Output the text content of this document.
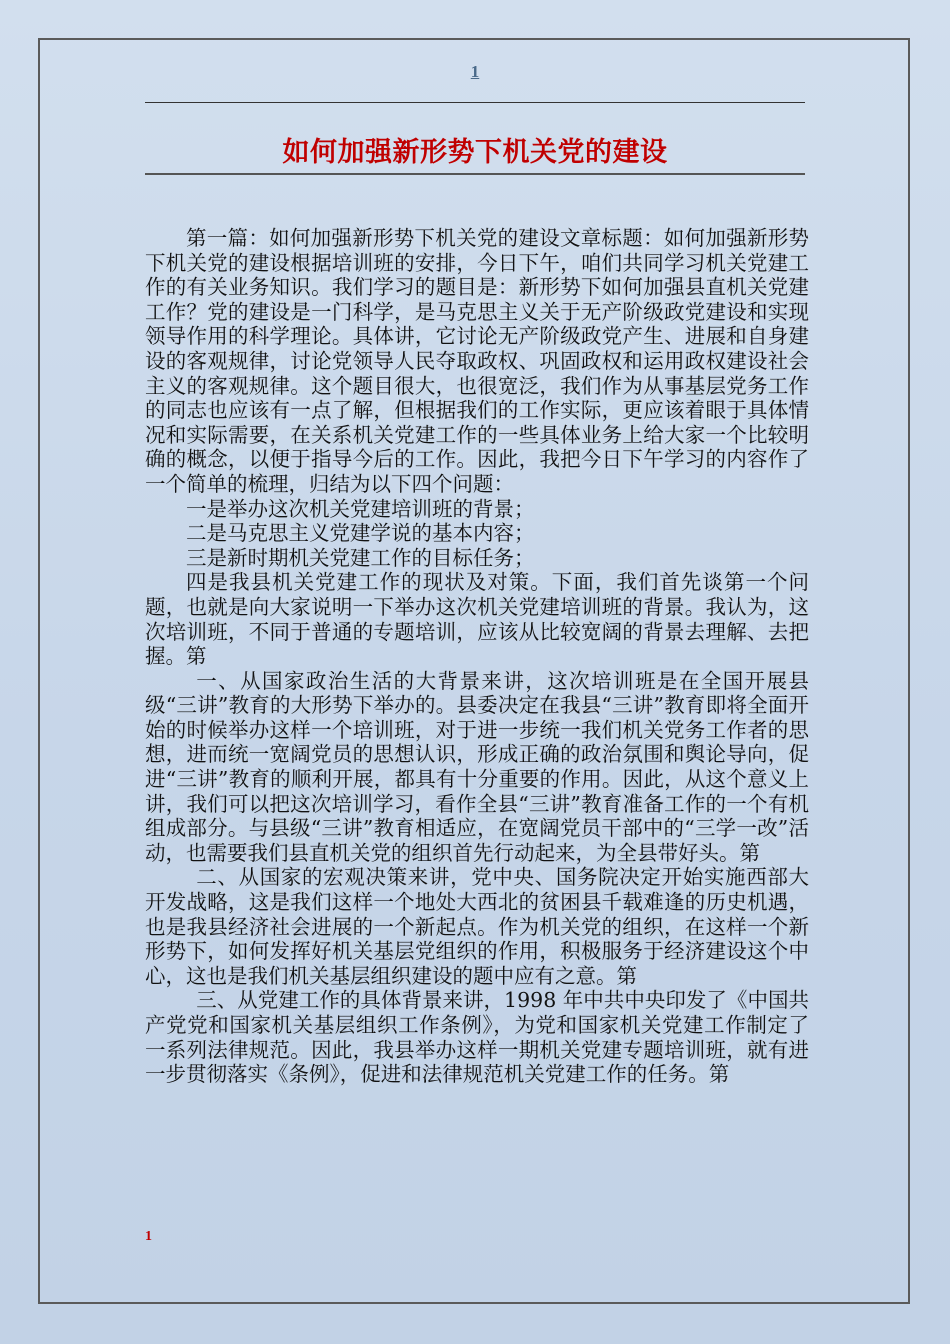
1
如何加强新形势下机关党的建设

第一篇：如何加强新形势下机关党的建设文章标题：如何加强新形势下机关党的建设根据培训班的安排，今日下午，咱们共同学习机关党建工作的有关业务知识。我们学习的题目是：新形势下如何加强县直机关党建工作？党的建设是一门科学，是马克思主义关于无产阶级政党建设和实现领导作用的科学理论。具体讲，它讨论无产阶级政党产生、进展和自身建设的客观规律，讨论党领导人民夺取政权、巩固政权和运用政权建设社会主义的客观规律。这个题目很大，也很宽泛，我们作为从事基层党务工作的同志也应该有一点了解，但根据我们的工作实际，更应该着眼于具体情况和实际需要，在关系机关党建工作的一些具体业务上给大家一个比较明确的概念，以便于指导今后的工作。因此，我把今日下午学习的内容作了一个简单的梳理，归结为以下四个问题：

一是举办这次机关党建培训班的背景；

二是马克思主义党建学说的基本内容；

三是新时期机关党建工作的目标任务；

四是我县机关党建工作的现状及对策。下面，我们首先谈第一个问题，也就是向大家说明一下举办这次机关党建培训班的背景。我认为，这次培训班，不同于普通的专题培训，应该从比较宽阔的背景去理解、去把握。第

一、从国家政治生活的大背景来讲，这次培训班是在全国开展县级“三讲”教育的大形势下举办的。县委决定在我县“三讲”教育即将全面开始的时候举办这样一个培训班，对于进一步统一我们机关党务工作者的思想，进而统一宽阔党员的思想认识，形成正确的政治氛围和舆论导向，促进“三讲”教育的顺利开展，都具有十分重要的作用。因此，从这个意义上讲，我们可以把这次培训学习，看作全县“三讲”教育准备工作的一个有机组成部分。与县级“三讲”教育相适应，在宽阔党员干部中的“三学一改”活动，也需要我们县直机关党的组织首先行动起来，为全县带好头。第

二、从国家的宏观决策来讲，党中央、国务院决定开始实施西部大开发战略，这是我们这样一个地处大西北的贫困县千载难逢的历史机遇，也是我县经济社会进展的一个新起点。作为机关党的组织，在这样一个新形势下，如何发挥好机关基层党组织的作用，积极服务于经济建设这个中心，这也是我们机关基层组织建设的题中应有之意。第

三、从党建工作的具体背景来讲，1998 年中共中央印发了《中国共产党党和国家机关基层组织工作条例》，为党和国家机关党建工作制定了一系列法律规范。因此，我县举办这样一期机关党建专题培训班，就有进一步贯彻落实《条例》，促进和法律规范机关党建工作的任务。第

1
